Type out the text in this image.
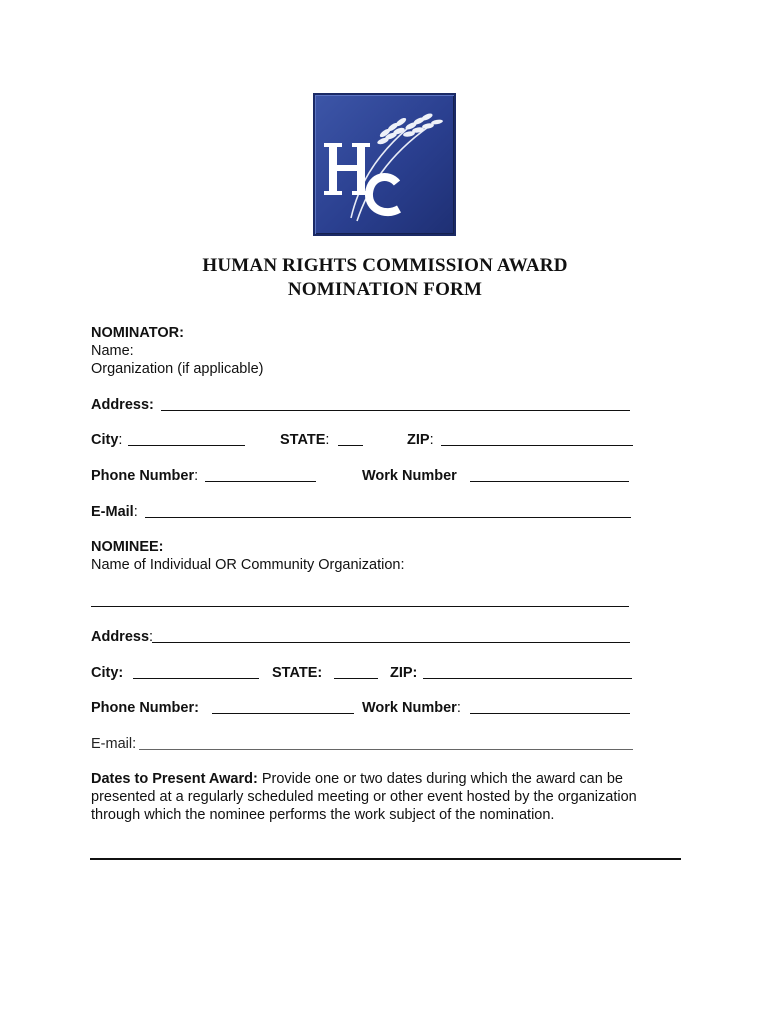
HUMAN RIGHTS COMMISSION AWARD
NOMINATION FORM
NOMINATOR:
Name:
Organization (if applicable)
Address:
City:	STATE:	ZIP:
Phone Number:	Work Number
E-Mail:
NOMINEE:
Name of Individual OR Community Organization:
Address:
City:	STATE:	ZIP:
Phone Number:	Work Number:
E-mail:
Dates to Present Award: Provide one or two dates during which the award can be presented at a regularly scheduled meeting or other event hosted by the organization through which the nominee performs the work subject of the nomination.
